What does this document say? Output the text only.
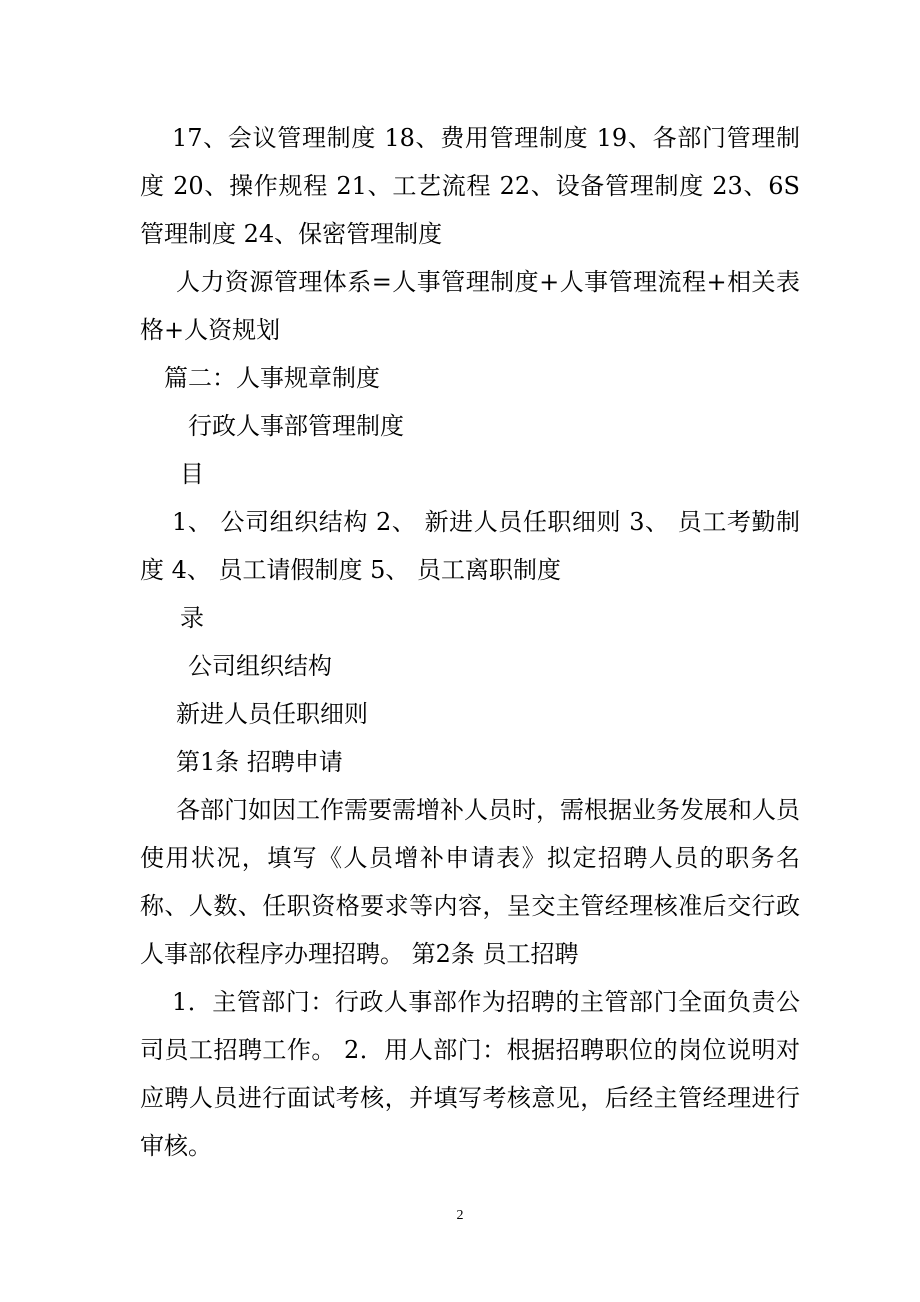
17、会议管理制度 18、费用管理制度 19、各部门管理制度 20、操作规程 21、工艺流程 22、设备管理制度 23、6S管理制度 24、保密管理制度

人力资源管理体系=人事管理制度+人事管理流程+相关表格+人资规划

篇二：人事规章制度

行政人事部管理制度

目

1、 公司组织结构 2、 新进人员任职细则 3、 员工考勤制度 4、 员工请假制度 5、 员工离职制度

录

公司组织结构

新进人员任职细则

第1条 招聘申请

各部门如因工作需要需增补人员时，需根据业务发展和人员使用状况，填写《人员增补申请表》拟定招聘人员的职务名称、人数、任职资格要求等内容，呈交主管经理核准后交行政人事部依程序办理招聘。 第2条 员工招聘

1．主管部门：行政人事部作为招聘的主管部门全面负责公司员工招聘工作。 2．用人部门：根据招聘职位的岗位说明对应聘人员进行面试考核，并填写考核意见，后经主管经理进行审核。

2
